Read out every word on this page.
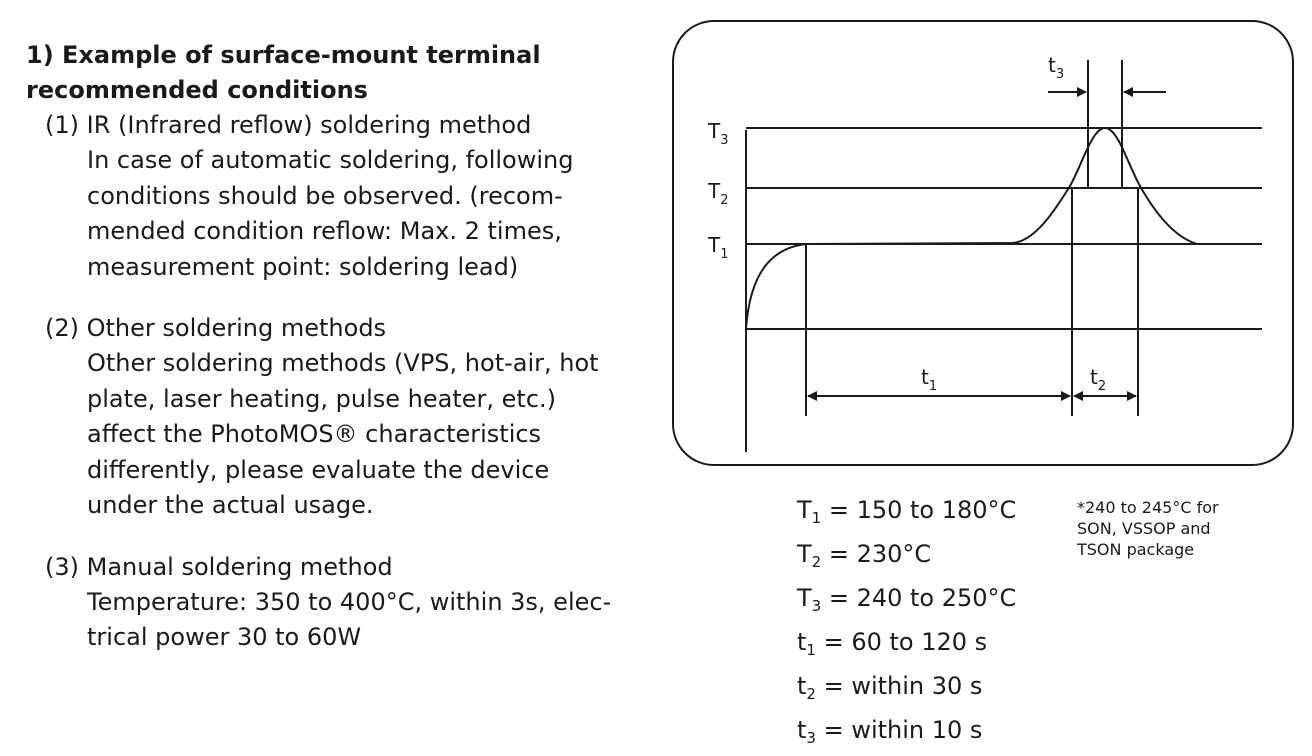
1) Example of surface-mount terminal recommended conditions

(1) IR (Infrared reflow) soldering method
In case of automatic soldering, following
conditions should be observed. (recom-
mended condition reflow: Max. 2 times,
measurement point: soldering lead)
(2) Other soldering methods
Other soldering methods (VPS, hot-air, hot
plate, laser heating, pulse heater, etc.)
affect the PhotoMOS® characteristics
differently, please evaluate the device
under the actual usage.
(3) Manual soldering method
Temperature: 350 to 400°C, within 3s, elec-
trical power 30 to 60W
$T_3$
$T_2$
$T_1$
$t_1$	$t_2$
$t_3$
$T_1 = 150$ to 180°C
$T_2 = 230^\circ C$
$T_3 = 240$ to 250°C
$t_1 = 60$ to 120 s
$t_2$ = within 30 s
$t_3$ = within 10 s
*240 to 245°C for SON, VSSOP and TSON package
